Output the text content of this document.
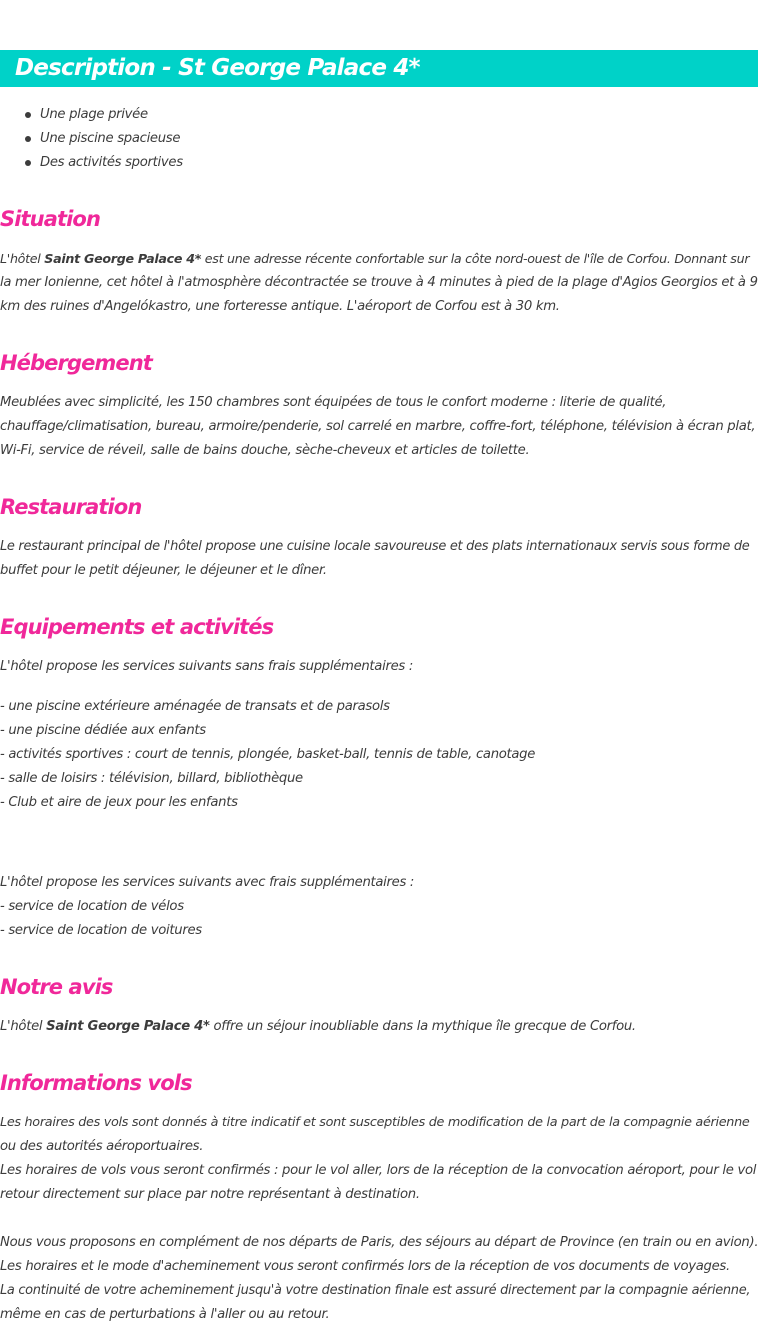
Description - St George Palace 4*
Une plage privée
Une piscine spacieuse
Des activités sportives
Situation
L'hôtel Saint George Palace 4* est une adresse récente confortable sur la côte nord-ouest de l'île de Corfou. Donnant sur
la mer Ionienne, cet hôtel à l'atmosphère décontractée se trouve à 4 minutes à pied de la plage d'Agios Georgios et à 9
km des ruines d'Angelókastro, une forteresse antique. L'aéroport de Corfou est à 30 km.
Hébergement
Meublées avec simplicité, les 150 chambres sont équipées de tous le confort moderne : literie de qualité,
chauffage/climatisation, bureau, armoire/penderie, sol carrelé en marbre, coffre-fort, téléphone, télévision à écran plat,
Wi-Fi, service de réveil, salle de bains douche, sèche-cheveux et articles de toilette.
Restauration
Le restaurant principal de l'hôtel propose une cuisine locale savoureuse et des plats internationaux servis sous forme de
buffet pour le petit déjeuner, le déjeuner et le dîner.
Equipements et activités
L'hôtel propose les services suivants sans frais supplémentaires :
- une piscine extérieure aménagée de transats et de parasols
- une piscine dédiée aux enfants
- activités sportives : court de tennis, plongée, basket-ball, tennis de table, canotage
- salle de loisirs : télévision, billard, bibliothèque
- Club et aire de jeux pour les enfants
L'hôtel propose les services suivants avec frais supplémentaires :
- service de location de vélos
- service de location de voitures
Notre avis
L'hôtel Saint George Palace 4* offre un séjour inoubliable dans la mythique île grecque de Corfou.
Informations vols
Les horaires des vols sont donnés à titre indicatif et sont susceptibles de modification de la part de la compagnie aérienne
ou des autorités aéroportuaires.
Les horaires de vols vous seront confirmés : pour le vol aller, lors de la réception de la convocation aéroport, pour le vol
retour directement sur place par notre représentant à destination.
Nous vous proposons en complément de nos départs de Paris, des séjours au départ de Province (en train ou en avion).
Les horaires et le mode d'acheminement vous seront confirmés lors de la réception de vos documents de voyages.
La continuité de votre acheminement jusqu'à votre destination finale est assuré directement par la compagnie aérienne,
même en cas de perturbations à l'aller ou au retour.
